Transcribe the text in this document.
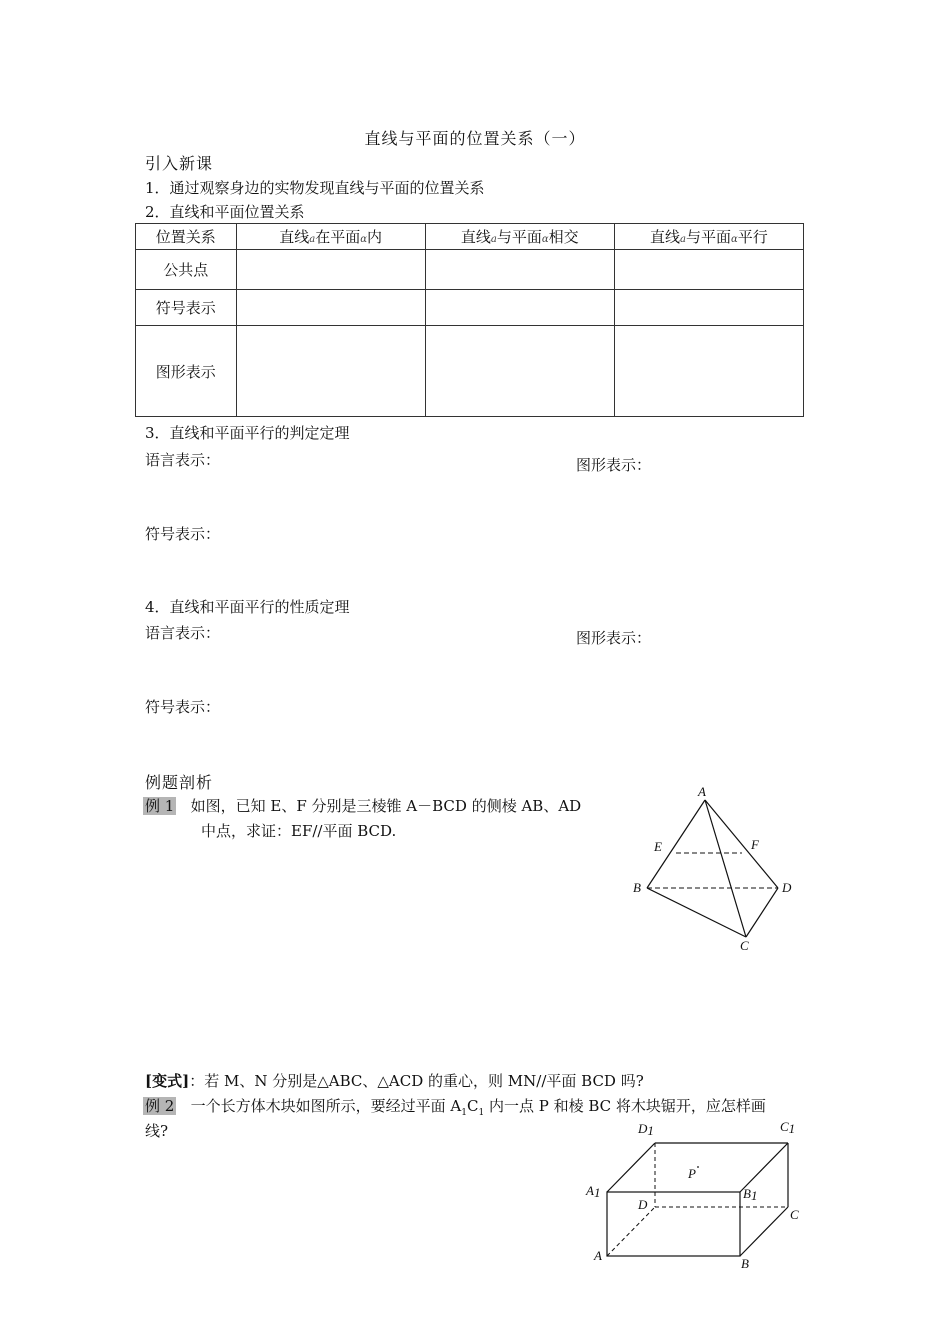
直线与平面的位置关系（一）
引入新课
1．通过观察身边的实物发现直线与平面的位置关系
2．直线和平面位置关系
位置关系	直线a在平面α内	直线a与平面α相交	直线a与平面α平行
公共点			
符号表示			
图形表示			
3．直线和平面平行的判定定理
语言表示：	图形表示：
符号表示：
4．直线和平面平行的性质定理
语言表示：	图形表示：
符号表示：
例题剖析
例 1 如图，已知 E、F 分别是三棱锥 A－BCD 的侧棱 AB、AD
中点，求证：EF//平面 BCD.
A
B
C
D
E	F
[变式]：若 M、N 分别是△ABC、△ACD 的重心，则 MN//平面 BCD 吗?
例 2 一个长方体木块如图所示，要经过平面 $A_1C_1$ 内一点 P 和棱 BC 将木块锯开，应怎样画
线?
P
D1	C1
A1	B1
D
C
A
B
